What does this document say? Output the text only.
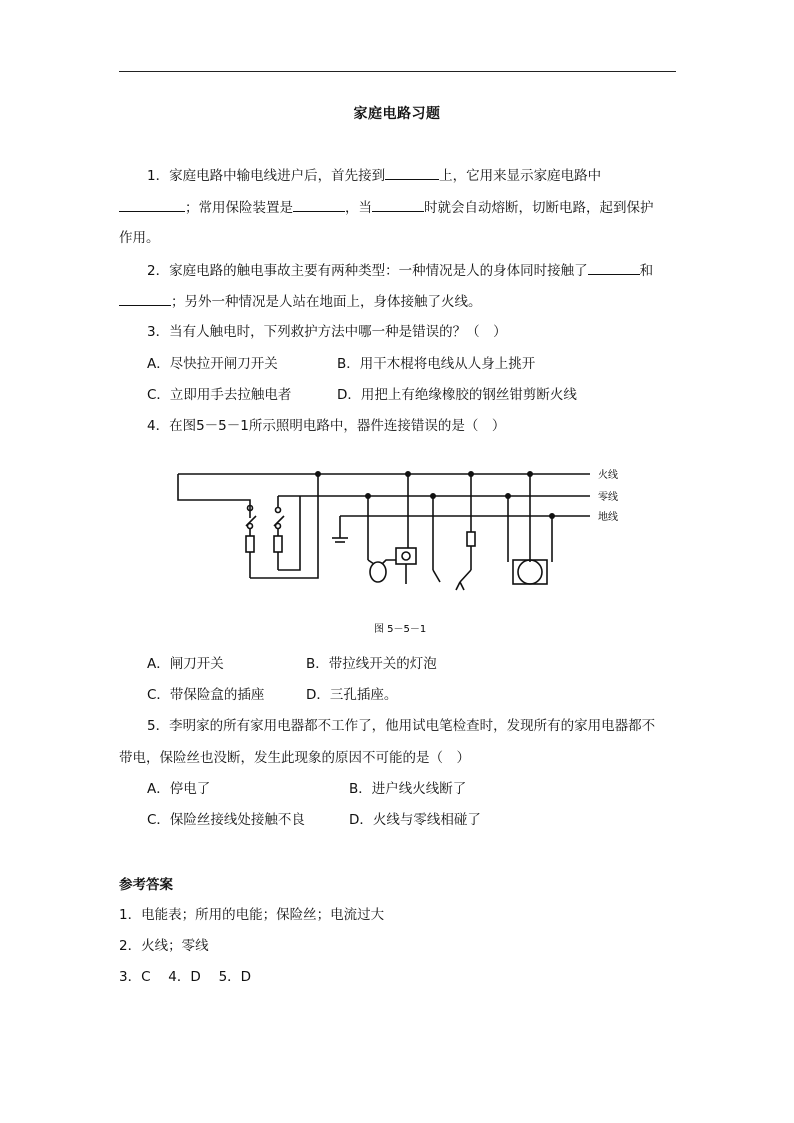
家庭电路习题
1．家庭电路中输电线进户后，首先接到	上，它用来显示家庭电路中
；常用保险装置是	，当	时就会自动熔断，切断电路，起到保护
作用。
2．家庭电路的触电事故主要有两种类型：一种情况是人的身体同时接触了	和
；另外一种情况是人站在地面上，身体接触了火线。
3．当有人触电时，下列救护方法中哪一种是错误的？（　）
A．尽快拉开闸刀开关	B．用干木棍将电线从人身上挑开
C．立即用手去拉触电者	D．用把上有绝缘橡胶的钢丝钳剪断火线
4．在图5－5－1所示照明电路中，器件连接错误的是（　）
火线
零线
地线
图 5－5－1
A．闸刀开关	B．带拉线开关的灯泡
C．带保险盒的插座	D．三孔插座。
5．李明家的所有家用电器都不工作了，他用试电笔检查时，发现所有的家用电器都不
带电，保险丝也没断，发生此现象的原因不可能的是（　）
A．停电了	B．进户线火线断了
C．保险丝接线处接触不良	D．火线与零线相碰了
参考答案
1．电能表；所用的电能；保险丝；电流过大
2．火线；零线
3．C　 4．D　 5．D
